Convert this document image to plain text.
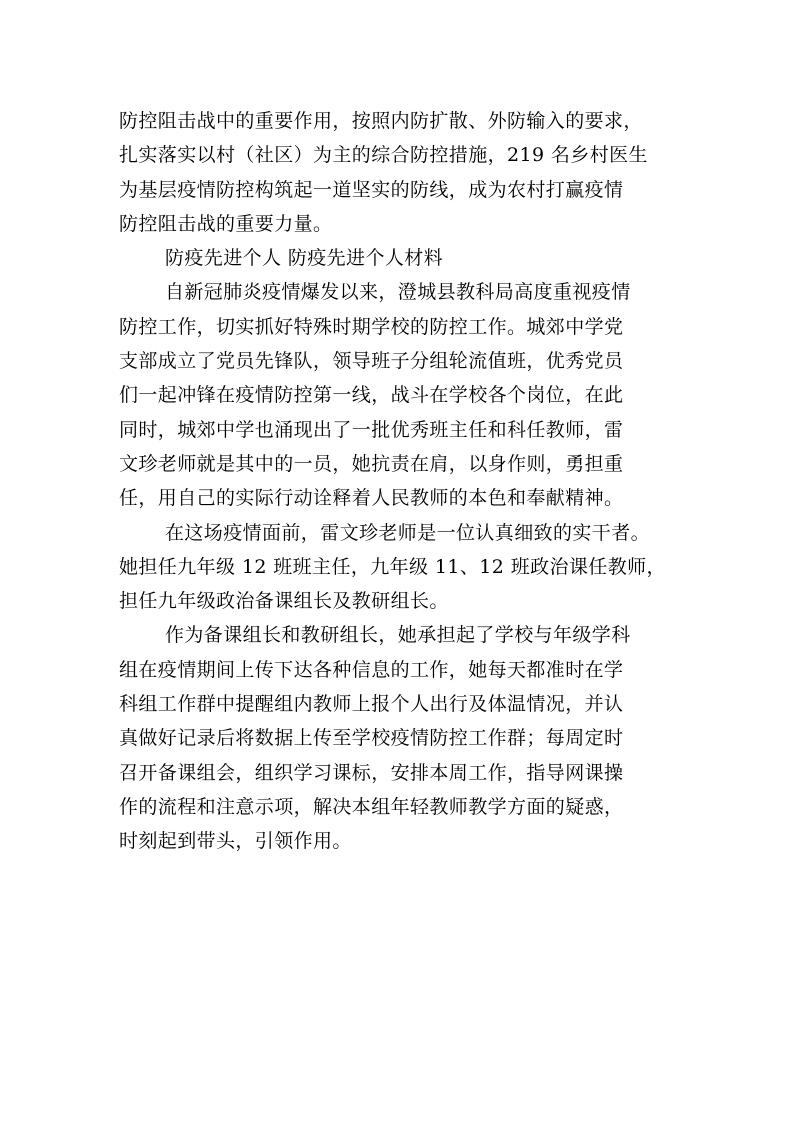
防控阻击战中的重要作用，按照内防扩散、外防输入的要求，
扎实落实以村（社区）为主的综合防控措施，219 名乡村医生
为基层疫情防控构筑起一道坚实的防线，成为农村打赢疫情
防控阻击战的重要力量。
防疫先进个人 防疫先进个人材料
自新冠肺炎疫情爆发以来，澄城县教科局高度重视疫情
防控工作，切实抓好特殊时期学校的防控工作。城郊中学党
支部成立了党员先锋队，领导班子分组轮流值班，优秀党员
们一起冲锋在疫情防控第一线，战斗在学校各个岗位，在此
同时，城郊中学也涌现出了一批优秀班主任和科任教师，雷
文珍老师就是其中的一员，她抗责在肩，以身作则，勇担重
任，用自己的实际行动诠释着人民教师的本色和奉献精神。
在这场疫情面前，雷文珍老师是一位认真细致的实干者。
她担任九年级 12 班班主任，九年级 11、12 班政治课任教师，
担任九年级政治备课组长及教研组长。
作为备课组长和教研组长，她承担起了学校与年级学科
组在疫情期间上传下达各种信息的工作，她每天都准时在学
科组工作群中提醒组内教师上报个人出行及体温情况，并认
真做好记录后将数据上传至学校疫情防控工作群；每周定时
召开备课组会，组织学习课标，安排本周工作，指导网课操
作的流程和注意示项，解决本组年轻教师教学方面的疑惑，
时刻起到带头，引领作用。
